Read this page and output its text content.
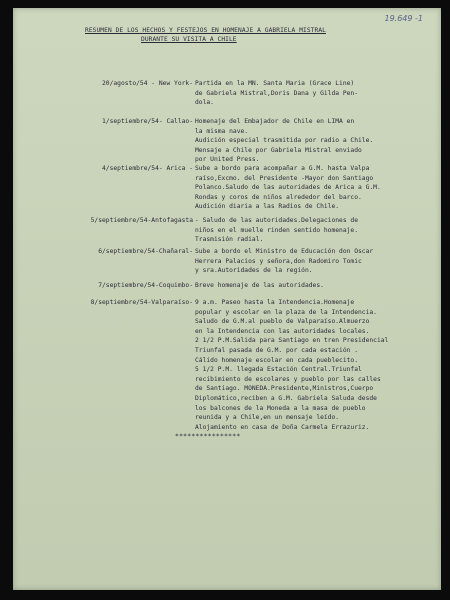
19.649 -1
RESUMEN DE LOS HECHOS Y FESTEJOS EN HOMENAJE A GABRIELA MISTRAL
DURANTE SU VISITA A CHILE
20/agosto/54 - New York- Partida en la MN. Santa Maria (Grace Line)
de Gabriela Mistral,Doris Dana y Gilda Pen-
dola.
1/septiembre/54- Callao- Homenaje del Embajador de Chile en LIMA en
la misma nave.
Audición especial trasmitida por radio a Chile.
Mensaje a Chile por Gabriela Mistral enviado
por United Press.
4/septiembre/54- Arica - Sube a bordo para acompañar a G.M. hasta Valpa
raíso,Excmo. del Presidente -Mayor don Santiago
Polanco.Saludo de las autoridades de Arica a G.M.
Rondas y coros de niños alrededor del barco.
Audición diaria a las Radios de Chile.
5/septiembre/54-Antofagasta - Saludo de las autoridades.Delegaciones de
niños en el muelle rinden sentido homenaje.
Trasmisión radial.
6/septiembre/54-Chañaral- Sube a bordo el Ministro de Educación don Oscar
Herrera Palacios y señora,don Radomiro Tomic
y sra.Autoridades de la región.
7/septiembre/54-Coquimbo- Breve homenaje de las autoridades.
8/septiembre/54-Valparaíso- 9 a.m. Paseo hasta la Intendencia.Homenaje
popular y escolar en la plaza de la Intendencia.
Saludo de G.M.al pueblo de Valparaíso.Almuerzo
en la Intendencia con las autoridades locales.
2 1/2 P.M.Salida para Santiago en tren Presidencial
Triunfal pasada de G.M. por cada estación .
Cálido homenaje escolar en cada pueblecito.
5 1/2 P.M. llegada Estación Central.Triunfal
recibimiento de escolares y pueblo por las calles
de Santiago. MONEDA.Presidente,Ministros,Cuerpo
Diplomático,reciben a G.M. Gabriela Saluda desde
los balcones de la Moneda a la masa de pueblo
reunida y a Chile,en un mensaje leído.
Alojamiento en casa de Doña Carmela Errazuriz.
****************
